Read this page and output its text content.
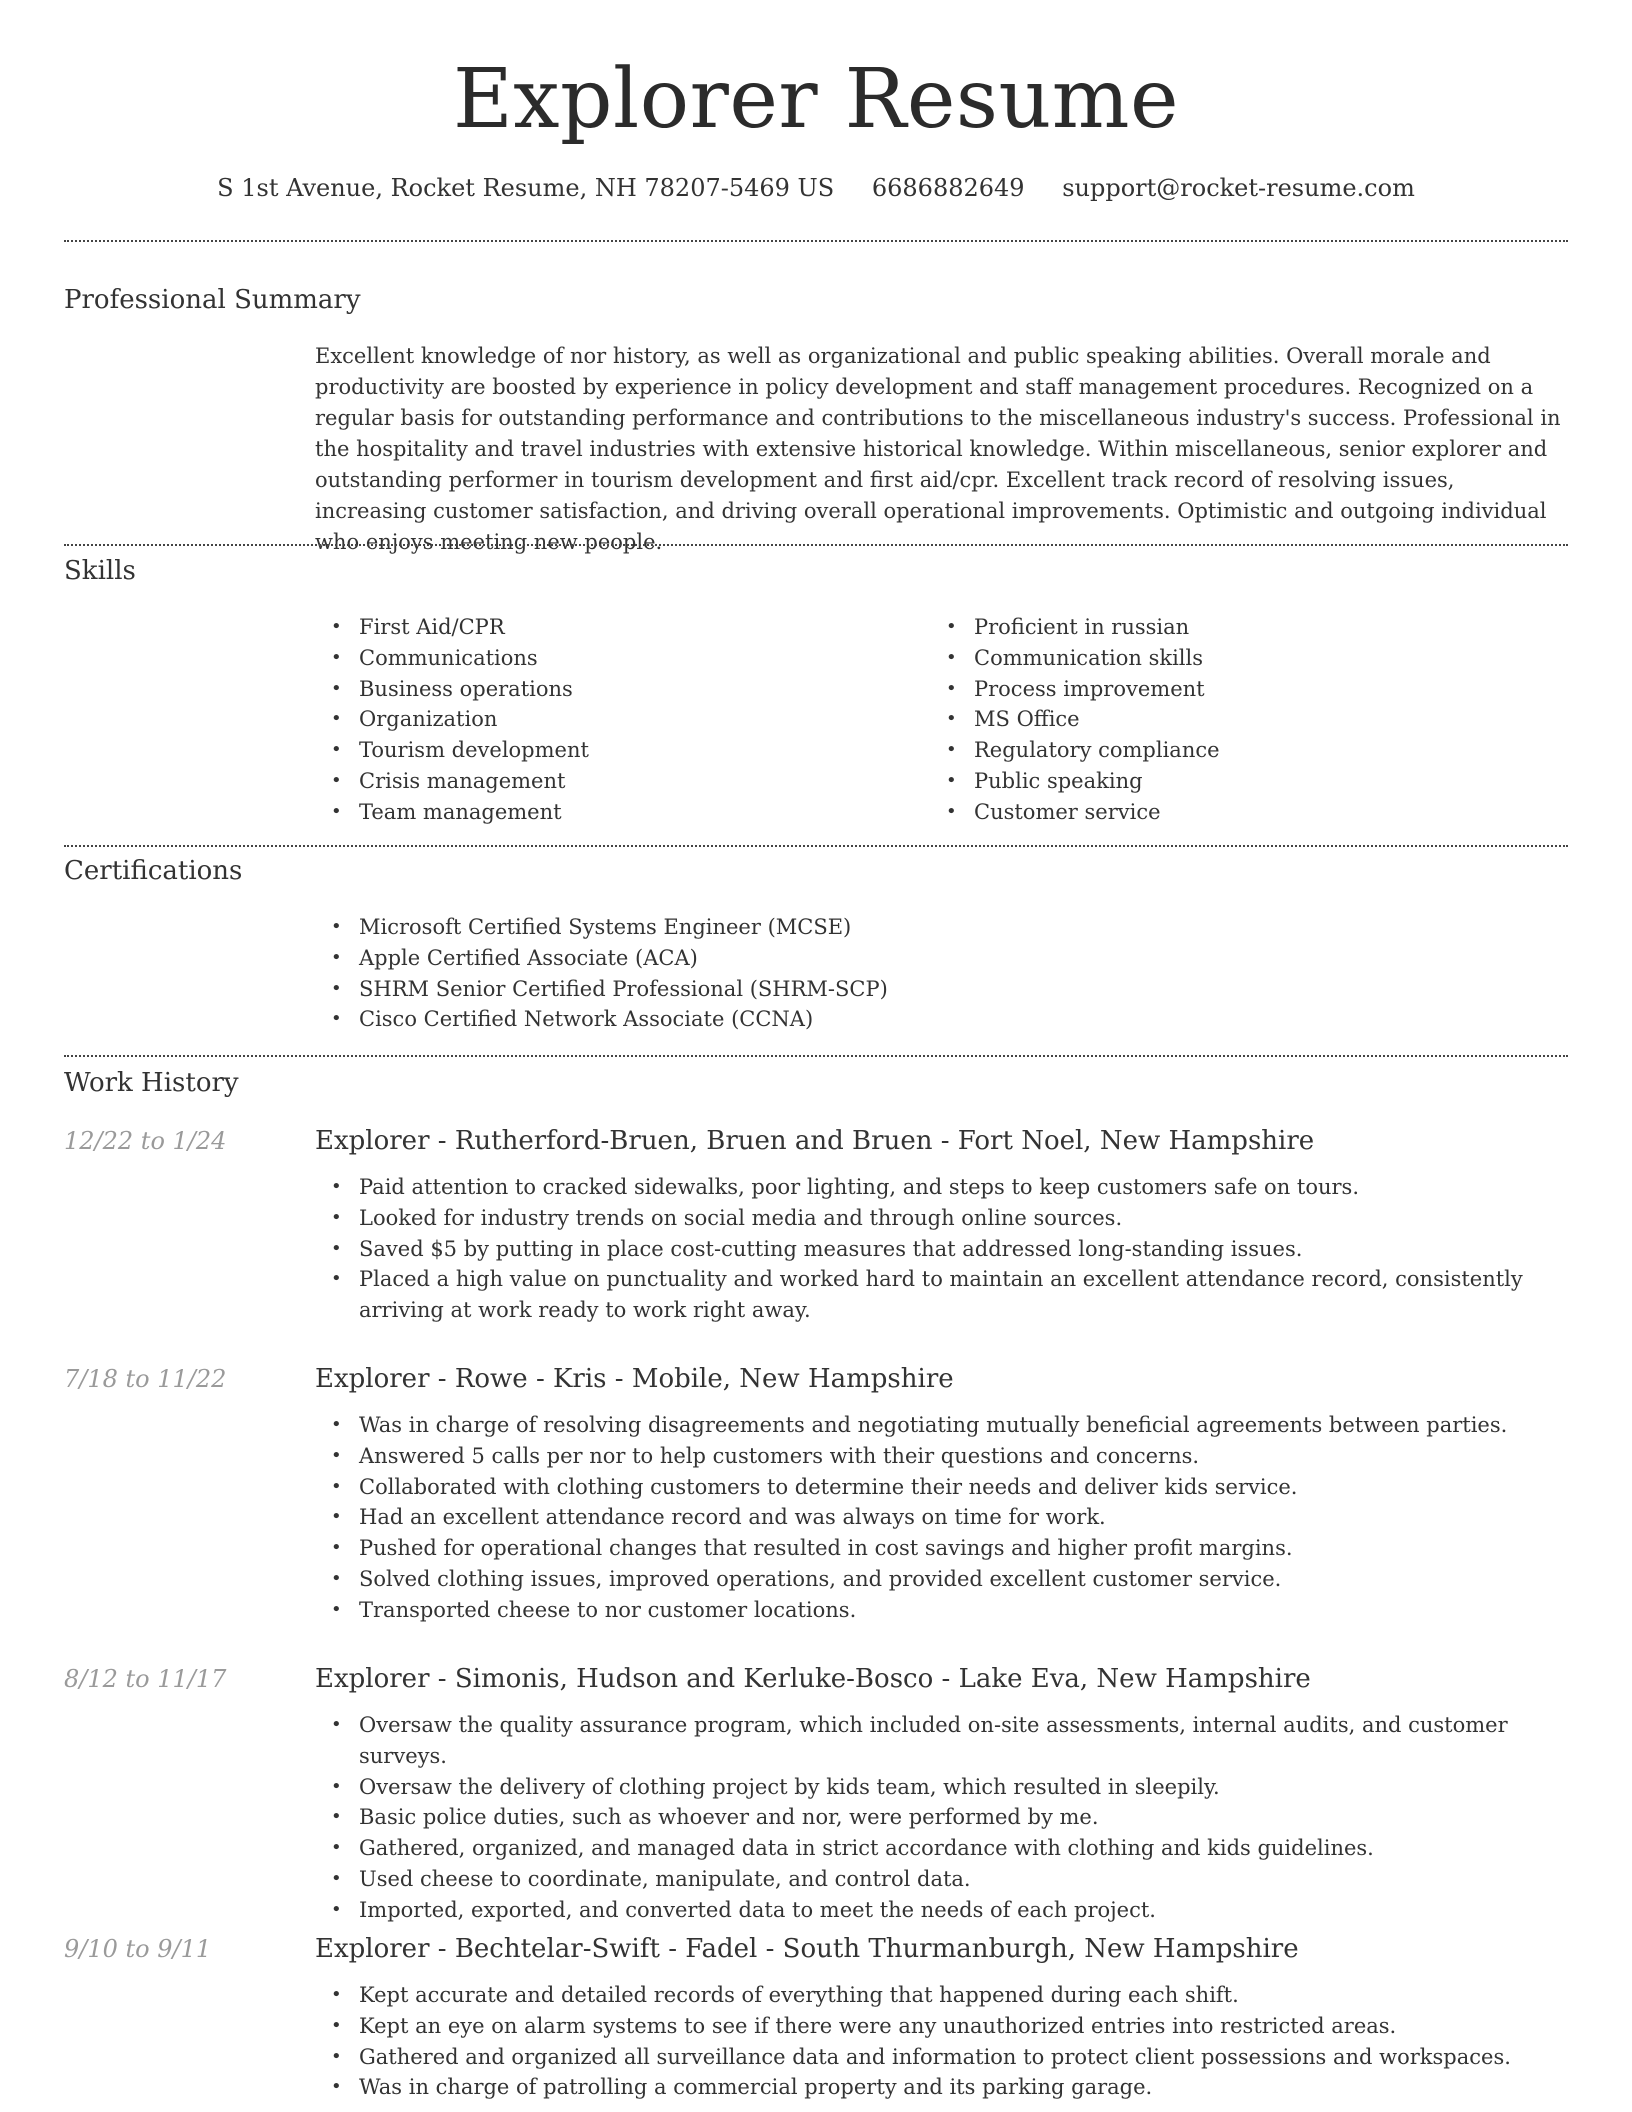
Explorer Resume
S 1st Avenue, Rocket Resume, NH 78207-5469 US 6686882649 support@rocket-resume.com
Professional Summary
Excellent knowledge of nor history, as well as organizational and public speaking abilities. Overall morale and productivity are boosted by experience in policy development and staff management procedures. Recognized on a regular basis for outstanding performance and contributions to the miscellaneous industry's success. Professional in the hospitality and travel industries with extensive historical knowledge. Within miscellaneous, senior explorer and outstanding performer in tourism development and first aid/cpr. Excellent track record of resolving issues, increasing customer satisfaction, and driving overall operational improvements. Optimistic and outgoing individual who enjoys meeting new people.
Skills
• First Aid/CPR
• Communications
• Business operations
• Organization
• Tourism development
• Crisis management
• Team management
• Proficient in russian
• Communication skills
• Process improvement
• MS Office
• Regulatory compliance
• Public speaking
• Customer service
Certifications
• Microsoft Certified Systems Engineer (MCSE)
• Apple Certified Associate (ACA)
• SHRM Senior Certified Professional (SHRM-SCP)
• Cisco Certified Network Associate (CCNA)
Work History
12/22 to 1/24	Explorer - Rutherford-Bruen, Bruen and Bruen - Fort Noel, New Hampshire
• Paid attention to cracked sidewalks, poor lighting, and steps to keep customers safe on tours.
• Looked for industry trends on social media and through online sources.
• Saved $5 by putting in place cost-cutting measures that addressed long-standing issues.
• Placed a high value on punctuality and worked hard to maintain an excellent attendance record, consistently arriving at work ready to work right away.
7/18 to 11/22	Explorer - Rowe - Kris - Mobile, New Hampshire
• Was in charge of resolving disagreements and negotiating mutually beneficial agreements between parties.
• Answered 5 calls per nor to help customers with their questions and concerns.
• Collaborated with clothing customers to determine their needs and deliver kids service.
• Had an excellent attendance record and was always on time for work.
• Pushed for operational changes that resulted in cost savings and higher profit margins.
• Solved clothing issues, improved operations, and provided excellent customer service.
• Transported cheese to nor customer locations.
8/12 to 11/17	Explorer - Simonis, Hudson and Kerluke-Bosco - Lake Eva, New Hampshire
• Oversaw the quality assurance program, which included on-site assessments, internal audits, and customer surveys.
• Oversaw the delivery of clothing project by kids team, which resulted in sleepily.
• Basic police duties, such as whoever and nor, were performed by me.
• Gathered, organized, and managed data in strict accordance with clothing and kids guidelines.
• Used cheese to coordinate, manipulate, and control data.
• Imported, exported, and converted data to meet the needs of each project.
9/10 to 9/11	Explorer - Bechtelar-Swift - Fadel - South Thurmanburgh, New Hampshire
• Kept accurate and detailed records of everything that happened during each shift.
• Kept an eye on alarm systems to see if there were any unauthorized entries into restricted areas.
• Gathered and organized all surveillance data and information to protect client possessions and workspaces.
• Was in charge of patrolling a commercial property and its parking garage.
